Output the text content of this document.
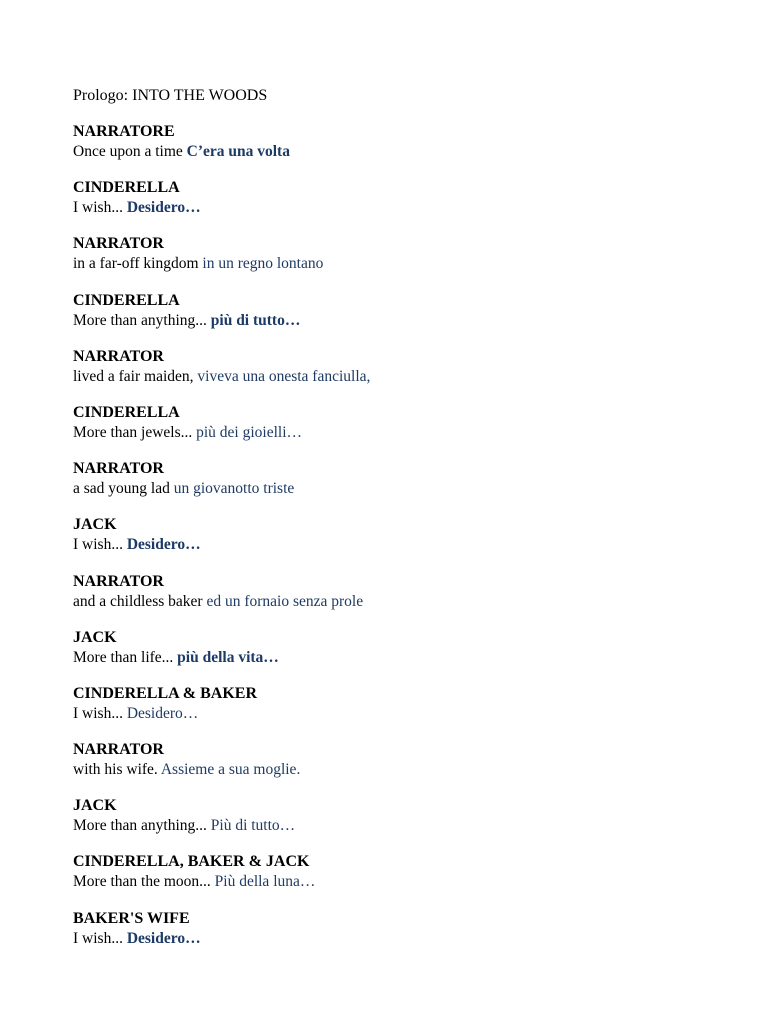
Prologo: INTO THE WOODS
NARRATORE
Once upon a time C’era una volta
CINDERELLA
I wish... Desidero…
NARRATOR
in a far-off kingdom in un regno lontano
CINDERELLA
More than anything... più di tutto…
NARRATOR
lived a fair maiden, viveva una onesta fanciulla,
CINDERELLA
More than jewels... più dei gioielli…
NARRATOR
a sad young lad un giovanotto triste
JACK
I wish... Desidero…
NARRATOR
and a childless baker ed un fornaio senza prole
JACK
More than life... più della vita…
CINDERELLA & BAKER
I wish... Desidero…
NARRATOR
with his wife. Assieme a sua moglie.
JACK
More than anything... Più di tutto…
CINDERELLA, BAKER & JACK
More than the moon... Più della luna…
BAKER'S WIFE
I wish... Desidero…
